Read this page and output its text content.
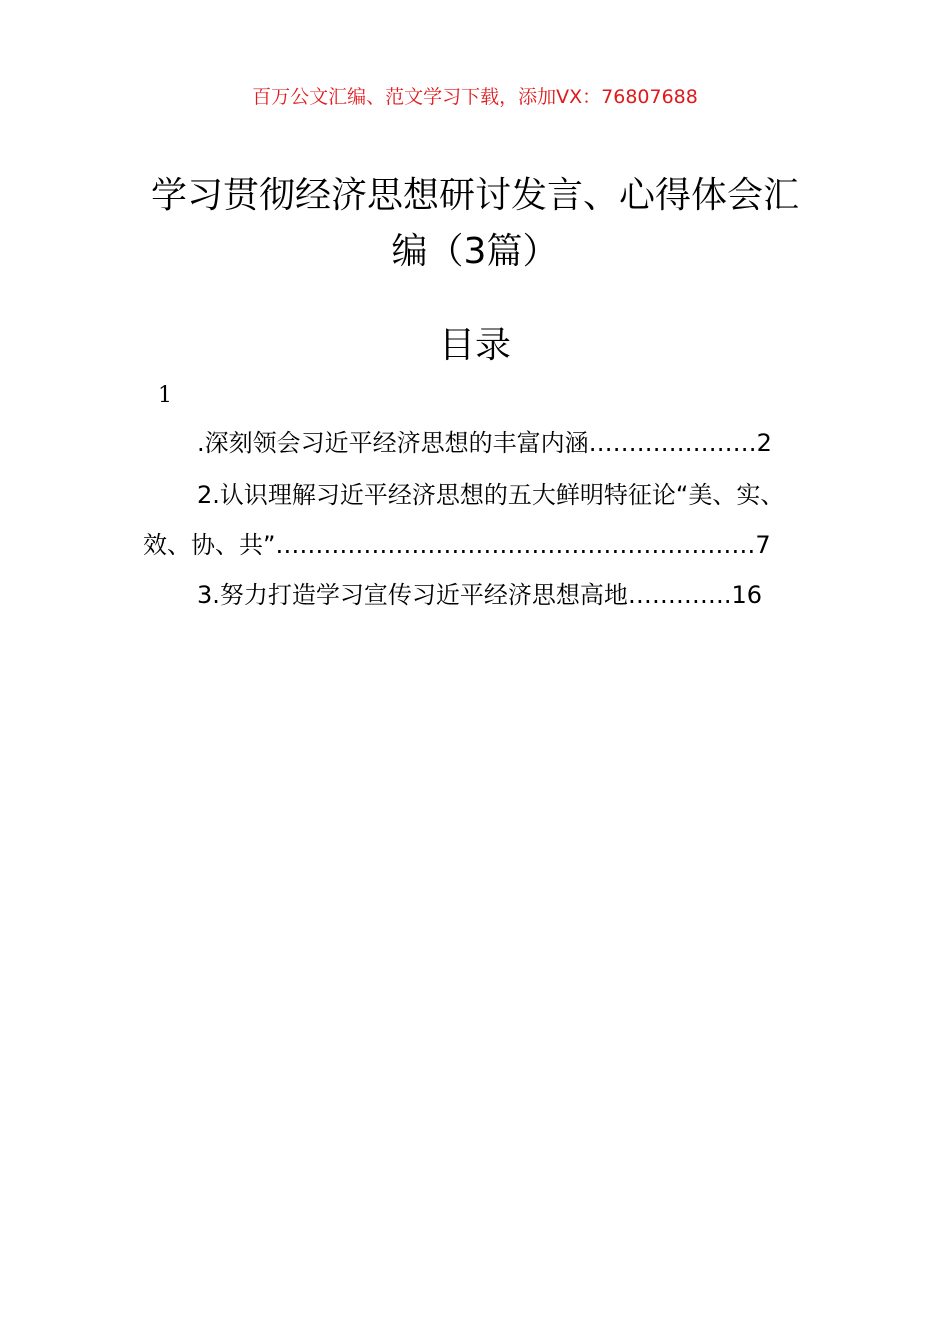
百万公文汇编、范文学习下载，添加VX：76807688
学习贯彻经济思想研讨发言、心得体会汇
编（3篇）
目录
1
.深刻领会习近平经济思想的丰富内涵…………………2
2.认识理解习近平经济思想的五大鲜明特征论“美、实、
效、协、共”……………………………………………………7
3.努力打造学习宣传习近平经济思想高地………….16
